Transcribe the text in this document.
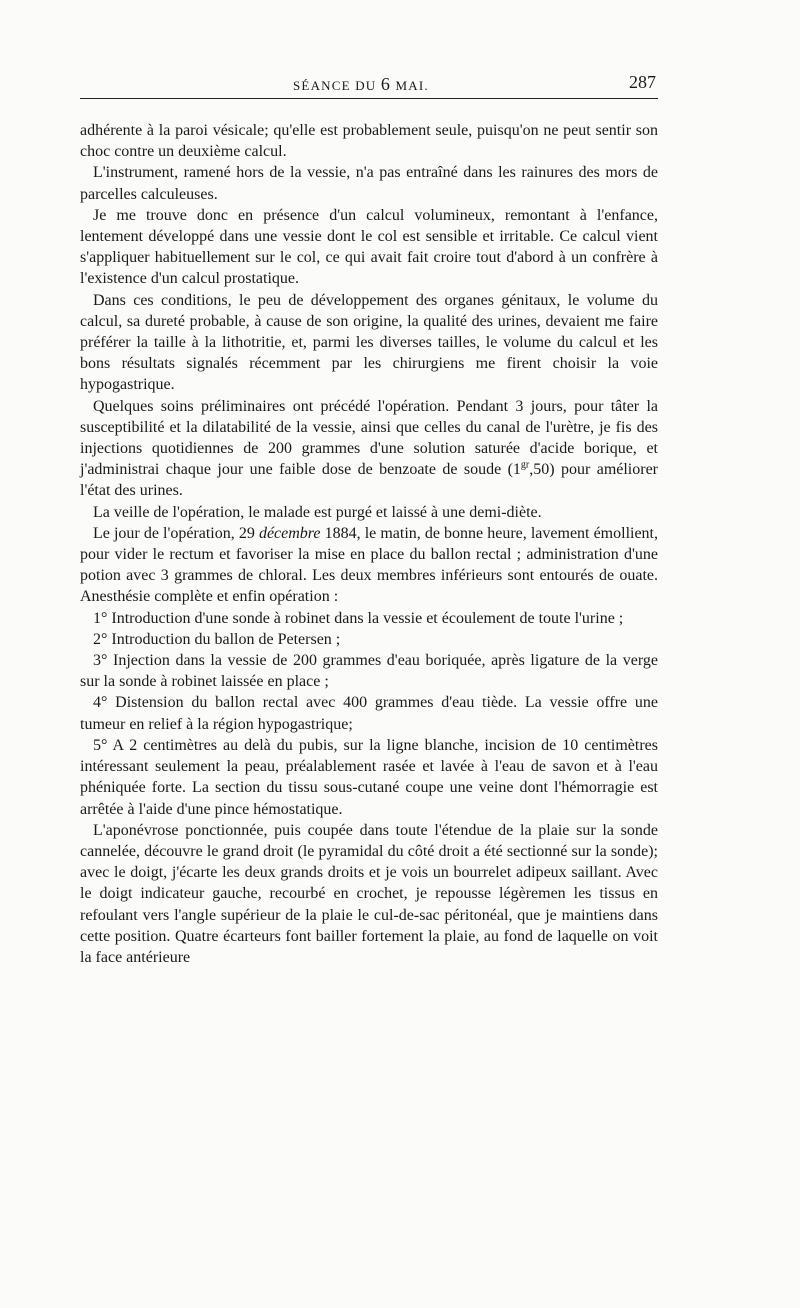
SÉANCE DU 6 MAI.	287

adhérente à la paroi vésicale; qu'elle est probablement seule, puisqu'on ne peut sentir son choc contre un deuxième calcul.

L'instrument, ramené hors de la vessie, n'a pas entraîné dans les rainures des mors de parcelles calculeuses.

Je me trouve donc en présence d'un calcul volumineux, remontant à l'enfance, lentement développé dans une vessie dont le col est sensible et irritable. Ce calcul vient s'appliquer habituellement sur le col, ce qui avait fait croire tout d'abord à un confrère à l'existence d'un calcul prostatique.

Dans ces conditions, le peu de développement des organes génitaux, le volume du calcul, sa dureté probable, à cause de son origine, la qualité des urines, devaient me faire préférer la taille à la lithotritie, et, parmi les diverses tailles, le volume du calcul et les bons résultats signalés récemment par les chirurgiens me firent choisir la voie hypogastrique.

Quelques soins préliminaires ont précédé l'opération. Pendant 3 jours, pour tâter la susceptibilité et la dilatabilité de la vessie, ainsi que celles du canal de l'urètre, je fis des injections quotidiennes de 200 grammes d'une solution saturée d'acide borique, et j'administrai chaque jour une faible dose de benzoate de soude $(1^{gr},50)$ pour améliorer l'état des urines.

La veille de l'opération, le malade est purgé et laissé à une demi-diète.

Le jour de l'opération, 29 décembre 1884, le matin, de bonne heure, lavement émollient, pour vider le rectum et favoriser la mise en place du ballon rectal ; administration d'une potion avec 3 grammes de chloral. Les deux membres inférieurs sont entourés de ouate. Anesthésie complète et enfin opération :

1° Introduction d'une sonde à robinet dans la vessie et écoulement de toute l'urine ;

2° Introduction du ballon de Petersen ;

3° Injection dans la vessie de 200 grammes d'eau boriquée, après ligature de la verge sur la sonde à robinet laissée en place ;

4° Distension du ballon rectal avec 400 grammes d'eau tiède. La vessie offre une tumeur en relief à la région hypogastrique;

5° A 2 centimètres au delà du pubis, sur la ligne blanche, incision de 10 centimètres intéressant seulement la peau, préalablement rasée et lavée à l'eau de savon et à l'eau phéniquée forte. La section du tissu sous-cutané coupe une veine dont l'hémorragie est arrêtée à l'aide d'une pince hémostatique.

L'aponévrose ponctionnée, puis coupée dans toute l'étendue de la plaie sur la sonde cannelée, découvre le grand droit (le pyramidal du côté droit a été sectionné sur la sonde); avec le doigt, j'écarte les deux grands droits et je vois un bourrelet adipeux saillant. Avec le doigt indicateur gauche, recourbé en crochet, je repousse légèremen les tissus en refoulant vers l'angle supérieur de la plaie le cul-de-sac péritonéal, que je maintiens dans cette position. Quatre écarteurs font bailler fortement la plaie, au fond de laquelle on voit la face antérieure
